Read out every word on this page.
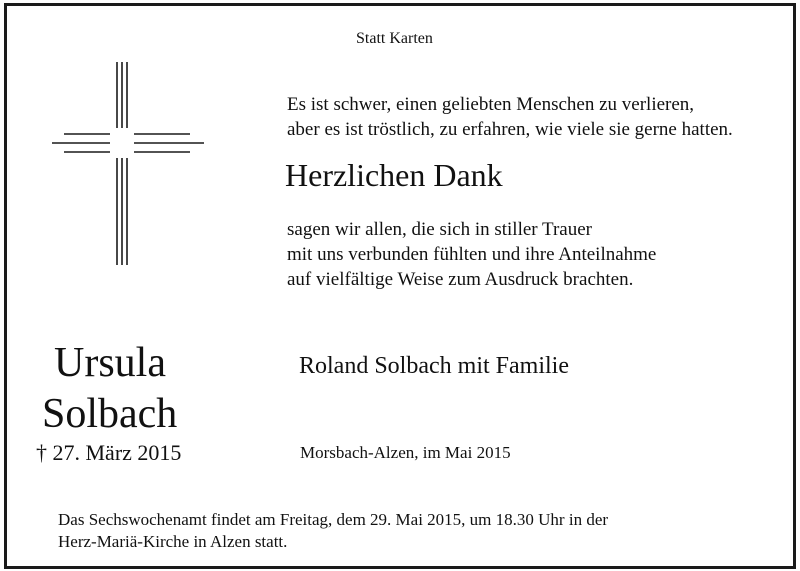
Statt Karten
Es ist schwer, einen geliebten Menschen zu verlieren,
aber es ist tröstlich, zu erfahren, wie viele sie gerne hatten.
Herzlichen Dank
sagen wir allen, die sich in stiller Trauer
mit uns verbunden fühlten und ihre Anteilnahme
auf vielfältige Weise zum Ausdruck brachten.
Ursula
Solbach
† 27. März 2015
Roland Solbach mit Familie
Morsbach-Alzen, im Mai 2015
Das Sechswochenamt findet am Freitag, dem 29. Mai 2015, um 18.30 Uhr in der
Herz-Mariä-Kirche in Alzen statt.
